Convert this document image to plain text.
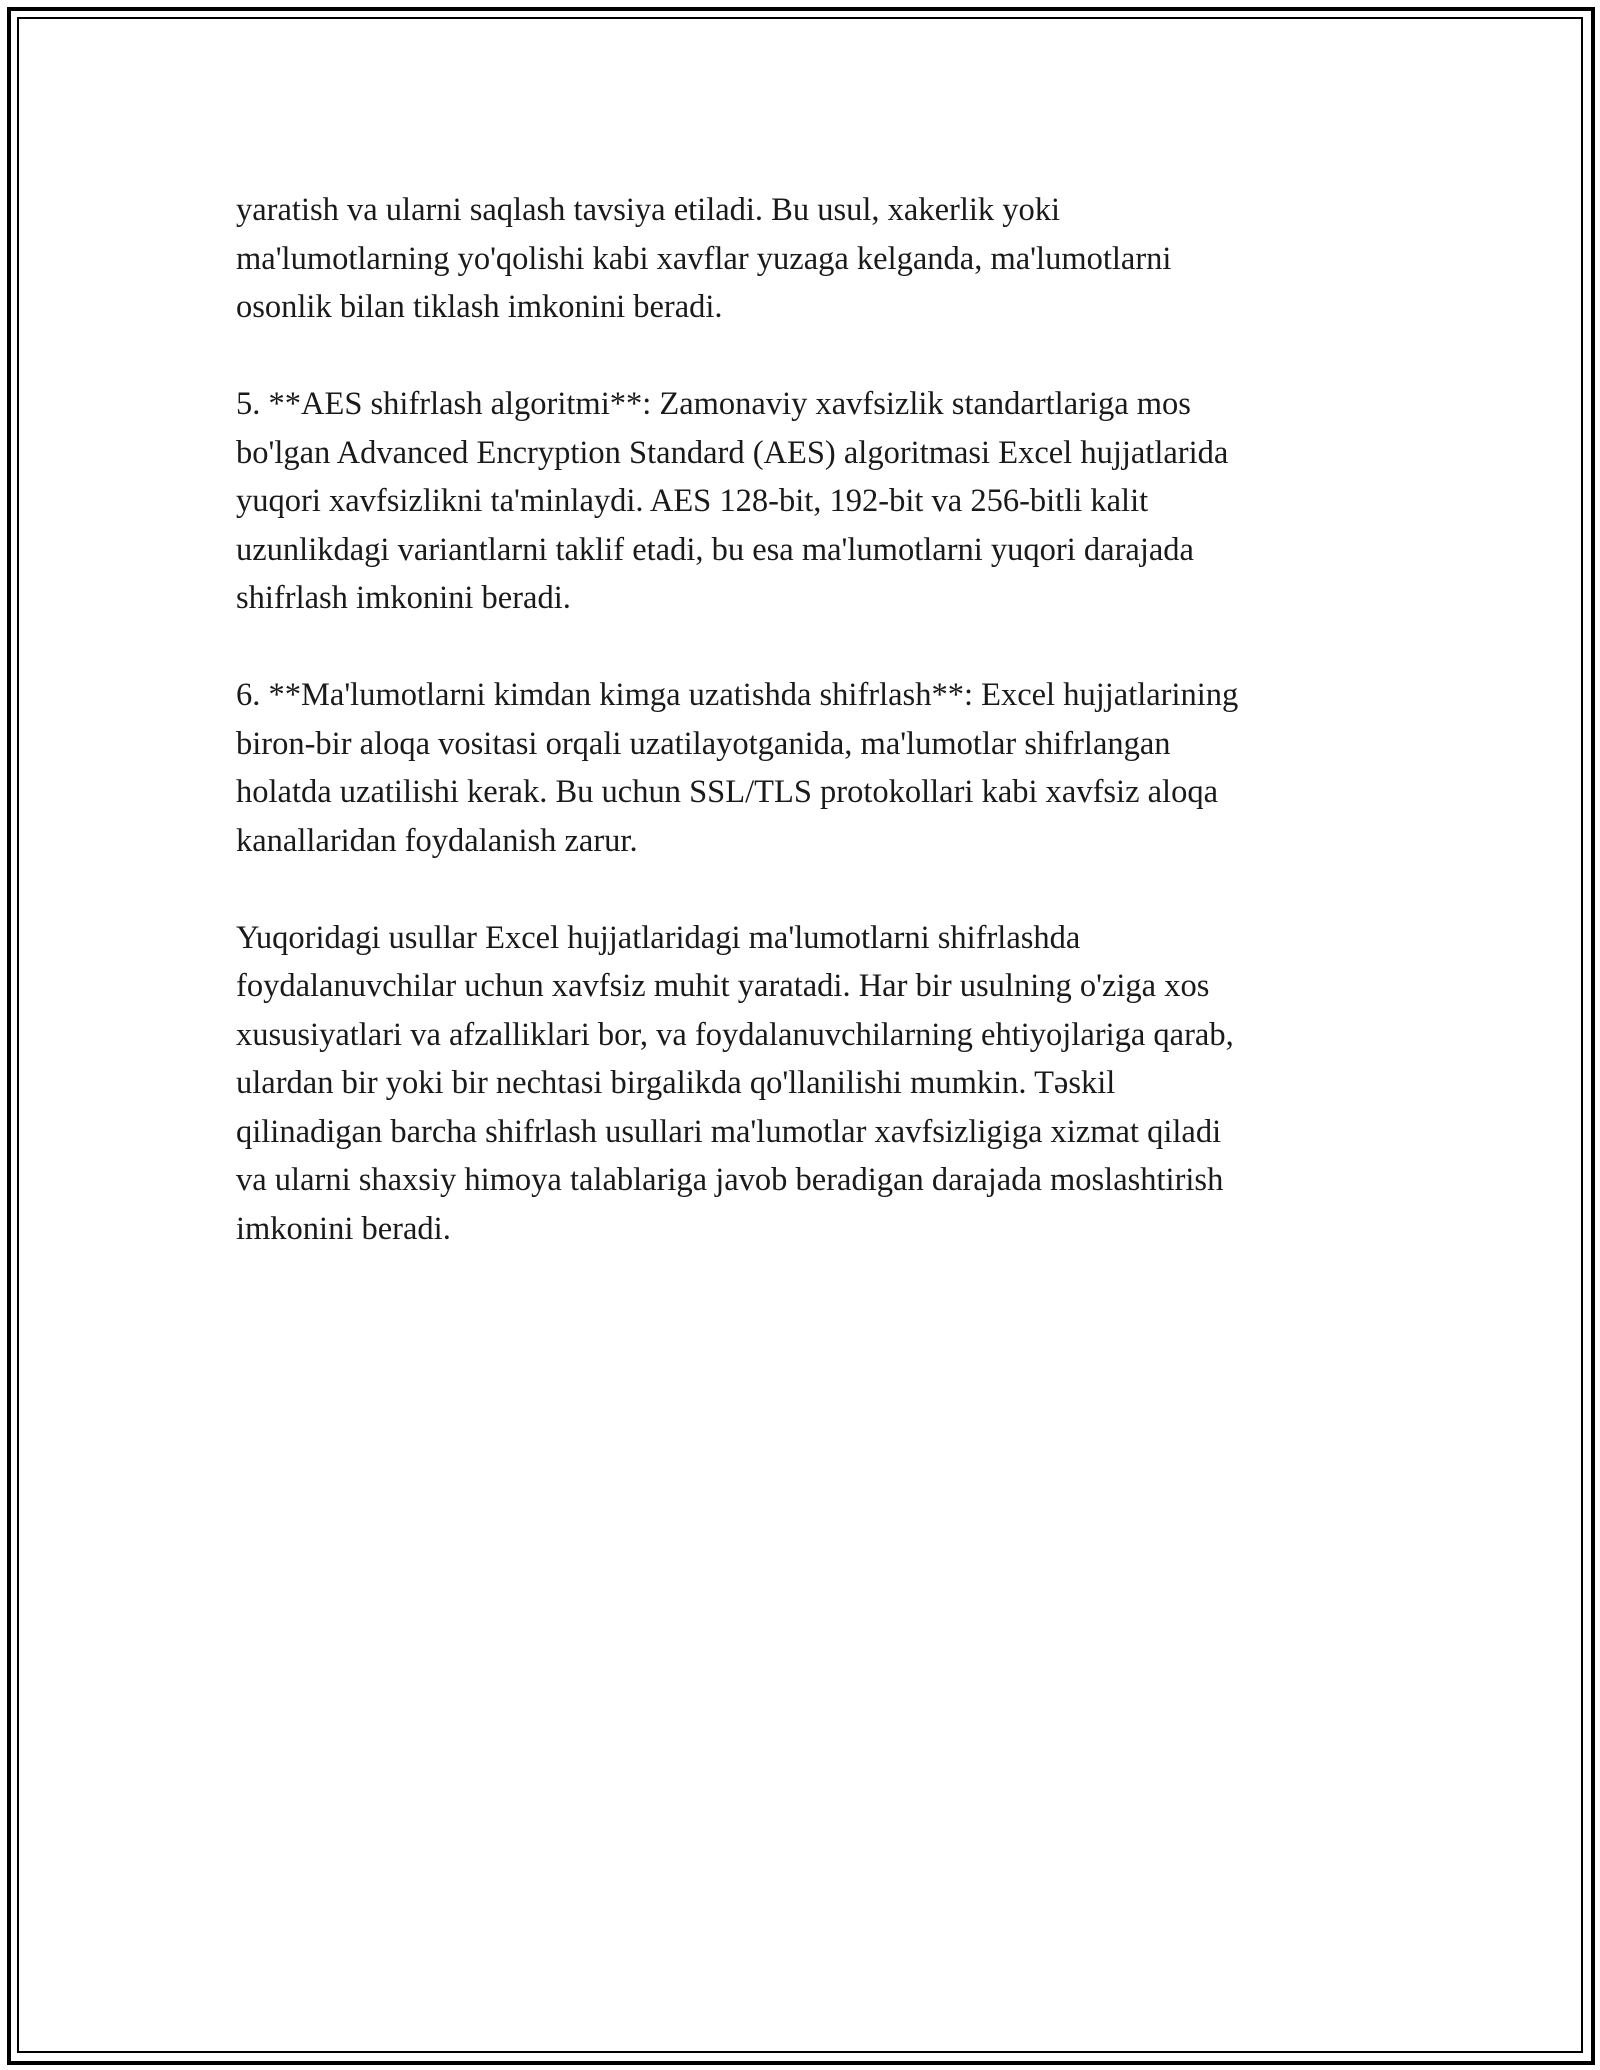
yaratish va ularni saqlash tavsiya etiladi. Bu usul, xakerlik yoki
ma'lumotlarning yo'qolishi kabi xavflar yuzaga kelganda, ma'lumotlarni
osonlik bilan tiklash imkonini beradi.

5. **AES shifrlash algoritmi**: Zamonaviy xavfsizlik standartlariga mos
bo'lgan Advanced Encryption Standard (AES) algoritmasi Excel hujjatlarida
yuqori xavfsizlikni ta'minlaydi. AES 128-bit, 192-bit va 256-bitli kalit
uzunlikdagi variantlarni taklif etadi, bu esa ma'lumotlarni yuqori darajada
shifrlash imkonini beradi.

6. **Ma'lumotlarni kimdan kimga uzatishda shifrlash**: Excel hujjatlarining
biron-bir aloqa vositasi orqali uzatilayotganida, ma'lumotlar shifrlangan
holatda uzatilishi kerak. Bu uchun SSL/TLS protokollari kabi xavfsiz aloqa
kanallaridan foydalanish zarur.

Yuqoridagi usullar Excel hujjatlaridagi ma'lumotlarni shifrlashda
foydalanuvchilar uchun xavfsiz muhit yaratadi. Har bir usulning o'ziga xos
xususiyatlari va afzalliklari bor, va foydalanuvchilarning ehtiyojlariga qarab,
ulardan bir yoki bir nechtasi birgalikda qo'llanilishi mumkin. Təskil
qilinadigan barcha shifrlash usullari ma'lumotlar xavfsizligiga xizmat qiladi
va ularni shaxsiy himoya talablariga javob beradigan darajada moslashtirish
imkonini beradi.
